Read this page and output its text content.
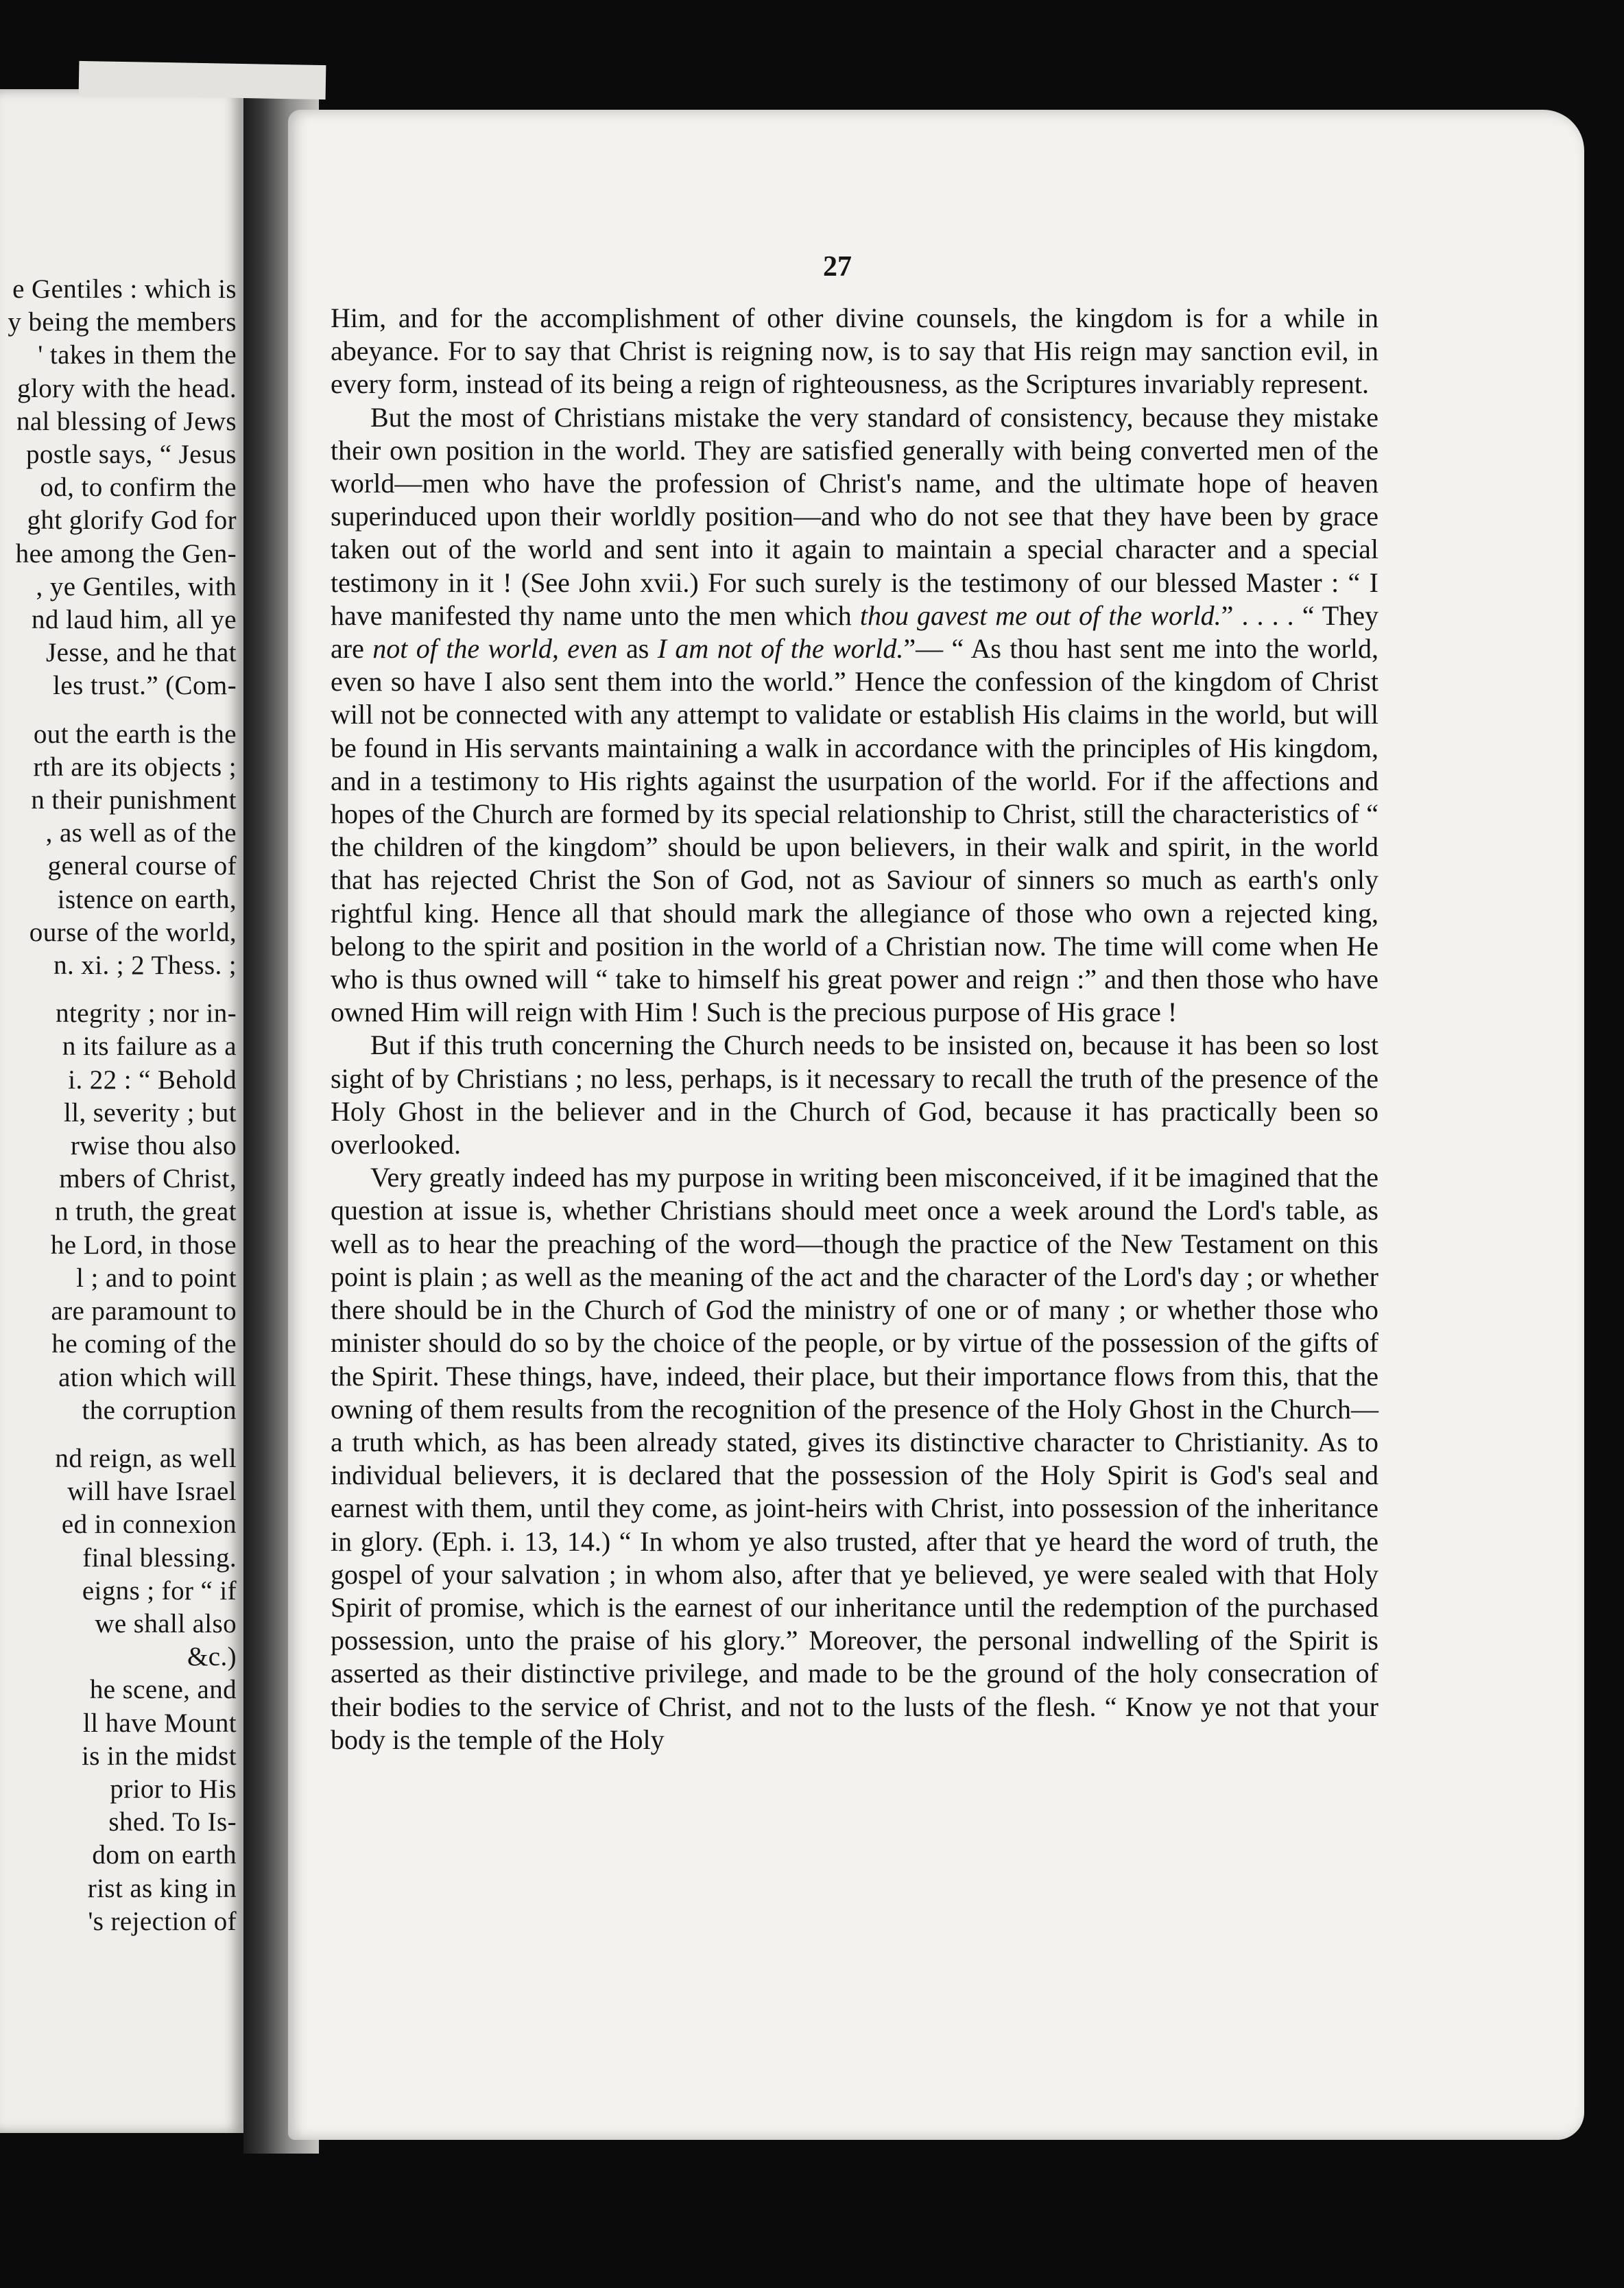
e Gentiles : which is
y being the members
' takes in them the
glory with the head.
nal blessing of Jews
postle says, “ Jesus
od, to confirm the
ght glorify God for
hee among the Gen-
, ye Gentiles, with
nd laud him, all ye
Jesse, and he that
les trust.” (Com-
out the earth is the
rth are its objects ;
n their punishment
, as well as of the
general course of
istence on earth,
ourse of the world,
n. xi. ; 2 Thess. ;
ntegrity ; nor in-
n its failure as a
i. 22 : “ Behold
ll, severity ; but
rwise thou also
mbers of Christ,
n truth, the great
he Lord, in those
l ; and to point
are paramount to
he coming of the
ation which will
the corruption
nd reign, as well
will have Israel
ed in connexion
final blessing.
eigns ; for “ if
we shall also
&c.)
he scene, and
ll have Mount
is in the midst
prior to His
shed. To Is-
dom on earth
rist as king in
's rejection of
27

Him, and for the accomplishment of other divine counsels, the kingdom is for a while in abeyance. For to say that Christ is reigning now, is to say that His reign may sanction evil, in every form, instead of its being a reign of righteousness, as the Scriptures invariably represent.

But the most of Christians mistake the very standard of consistency, because they mistake their own position in the world. They are satisfied generally with being converted men of the world—men who have the profession of Christ's name, and the ultimate hope of heaven superinduced upon their worldly position—and who do not see that they have been by grace taken out of the world and sent into it again to maintain a special character and a special testimony in it ! (See John xvii.) For such surely is the testimony of our blessed Master : “ I have manifested thy name unto the men which thou gavest me out of the world.” . . . . “ They are not of the world, even as I am not of the world.”— “ As thou hast sent me into the world, even so have I also sent them into the world.” Hence the confession of the kingdom of Christ will not be connected with any attempt to validate or establish His claims in the world, but will be found in His servants maintaining a walk in accordance with the principles of His kingdom, and in a testimony to His rights against the usurpation of the world. For if the affections and hopes of the Church are formed by its special relationship to Christ, still the characteristics of “ the children of the kingdom” should be upon believers, in their walk and spirit, in the world that has rejected Christ the Son of God, not as Saviour of sinners so much as earth's only rightful king. Hence all that should mark the allegiance of those who own a rejected king, belong to the spirit and position in the world of a Christian now. The time will come when He who is thus owned will “ take to himself his great power and reign :” and then those who have owned Him will reign with Him ! Such is the precious purpose of His grace !

But if this truth concerning the Church needs to be insisted on, because it has been so lost sight of by Christians ; no less, perhaps, is it necessary to recall the truth of the presence of the Holy Ghost in the believer and in the Church of God, because it has practically been so overlooked.

Very greatly indeed has my purpose in writing been misconceived, if it be imagined that the question at issue is, whether Christians should meet once a week around the Lord's table, as well as to hear the preaching of the word—though the practice of the New Testament on this point is plain ; as well as the meaning of the act and the character of the Lord's day ; or whether there should be in the Church of God the ministry of one or of many ; or whether those who minister should do so by the choice of the people, or by virtue of the possession of the gifts of the Spirit. These things, have, indeed, their place, but their importance flows from this, that the owning of them results from the recognition of the presence of the Holy Ghost in the Church—a truth which, as has been already stated, gives its distinctive character to Christianity. As to individual believers, it is declared that the possession of the Holy Spirit is God's seal and earnest with them, until they come, as joint-heirs with Christ, into possession of the inheritance in glory. (Eph. i. 13, 14.) “ In whom ye also trusted, after that ye heard the word of truth, the gospel of your salvation ; in whom also, after that ye believed, ye were sealed with that Holy Spirit of promise, which is the earnest of our inheritance until the redemption of the purchased possession, unto the praise of his glory.” Moreover, the personal indwelling of the Spirit is asserted as their distinctive privilege, and made to be the ground of the holy consecration of their bodies to the service of Christ, and not to the lusts of the flesh. “ Know ye not that your body is the temple of the Holy
